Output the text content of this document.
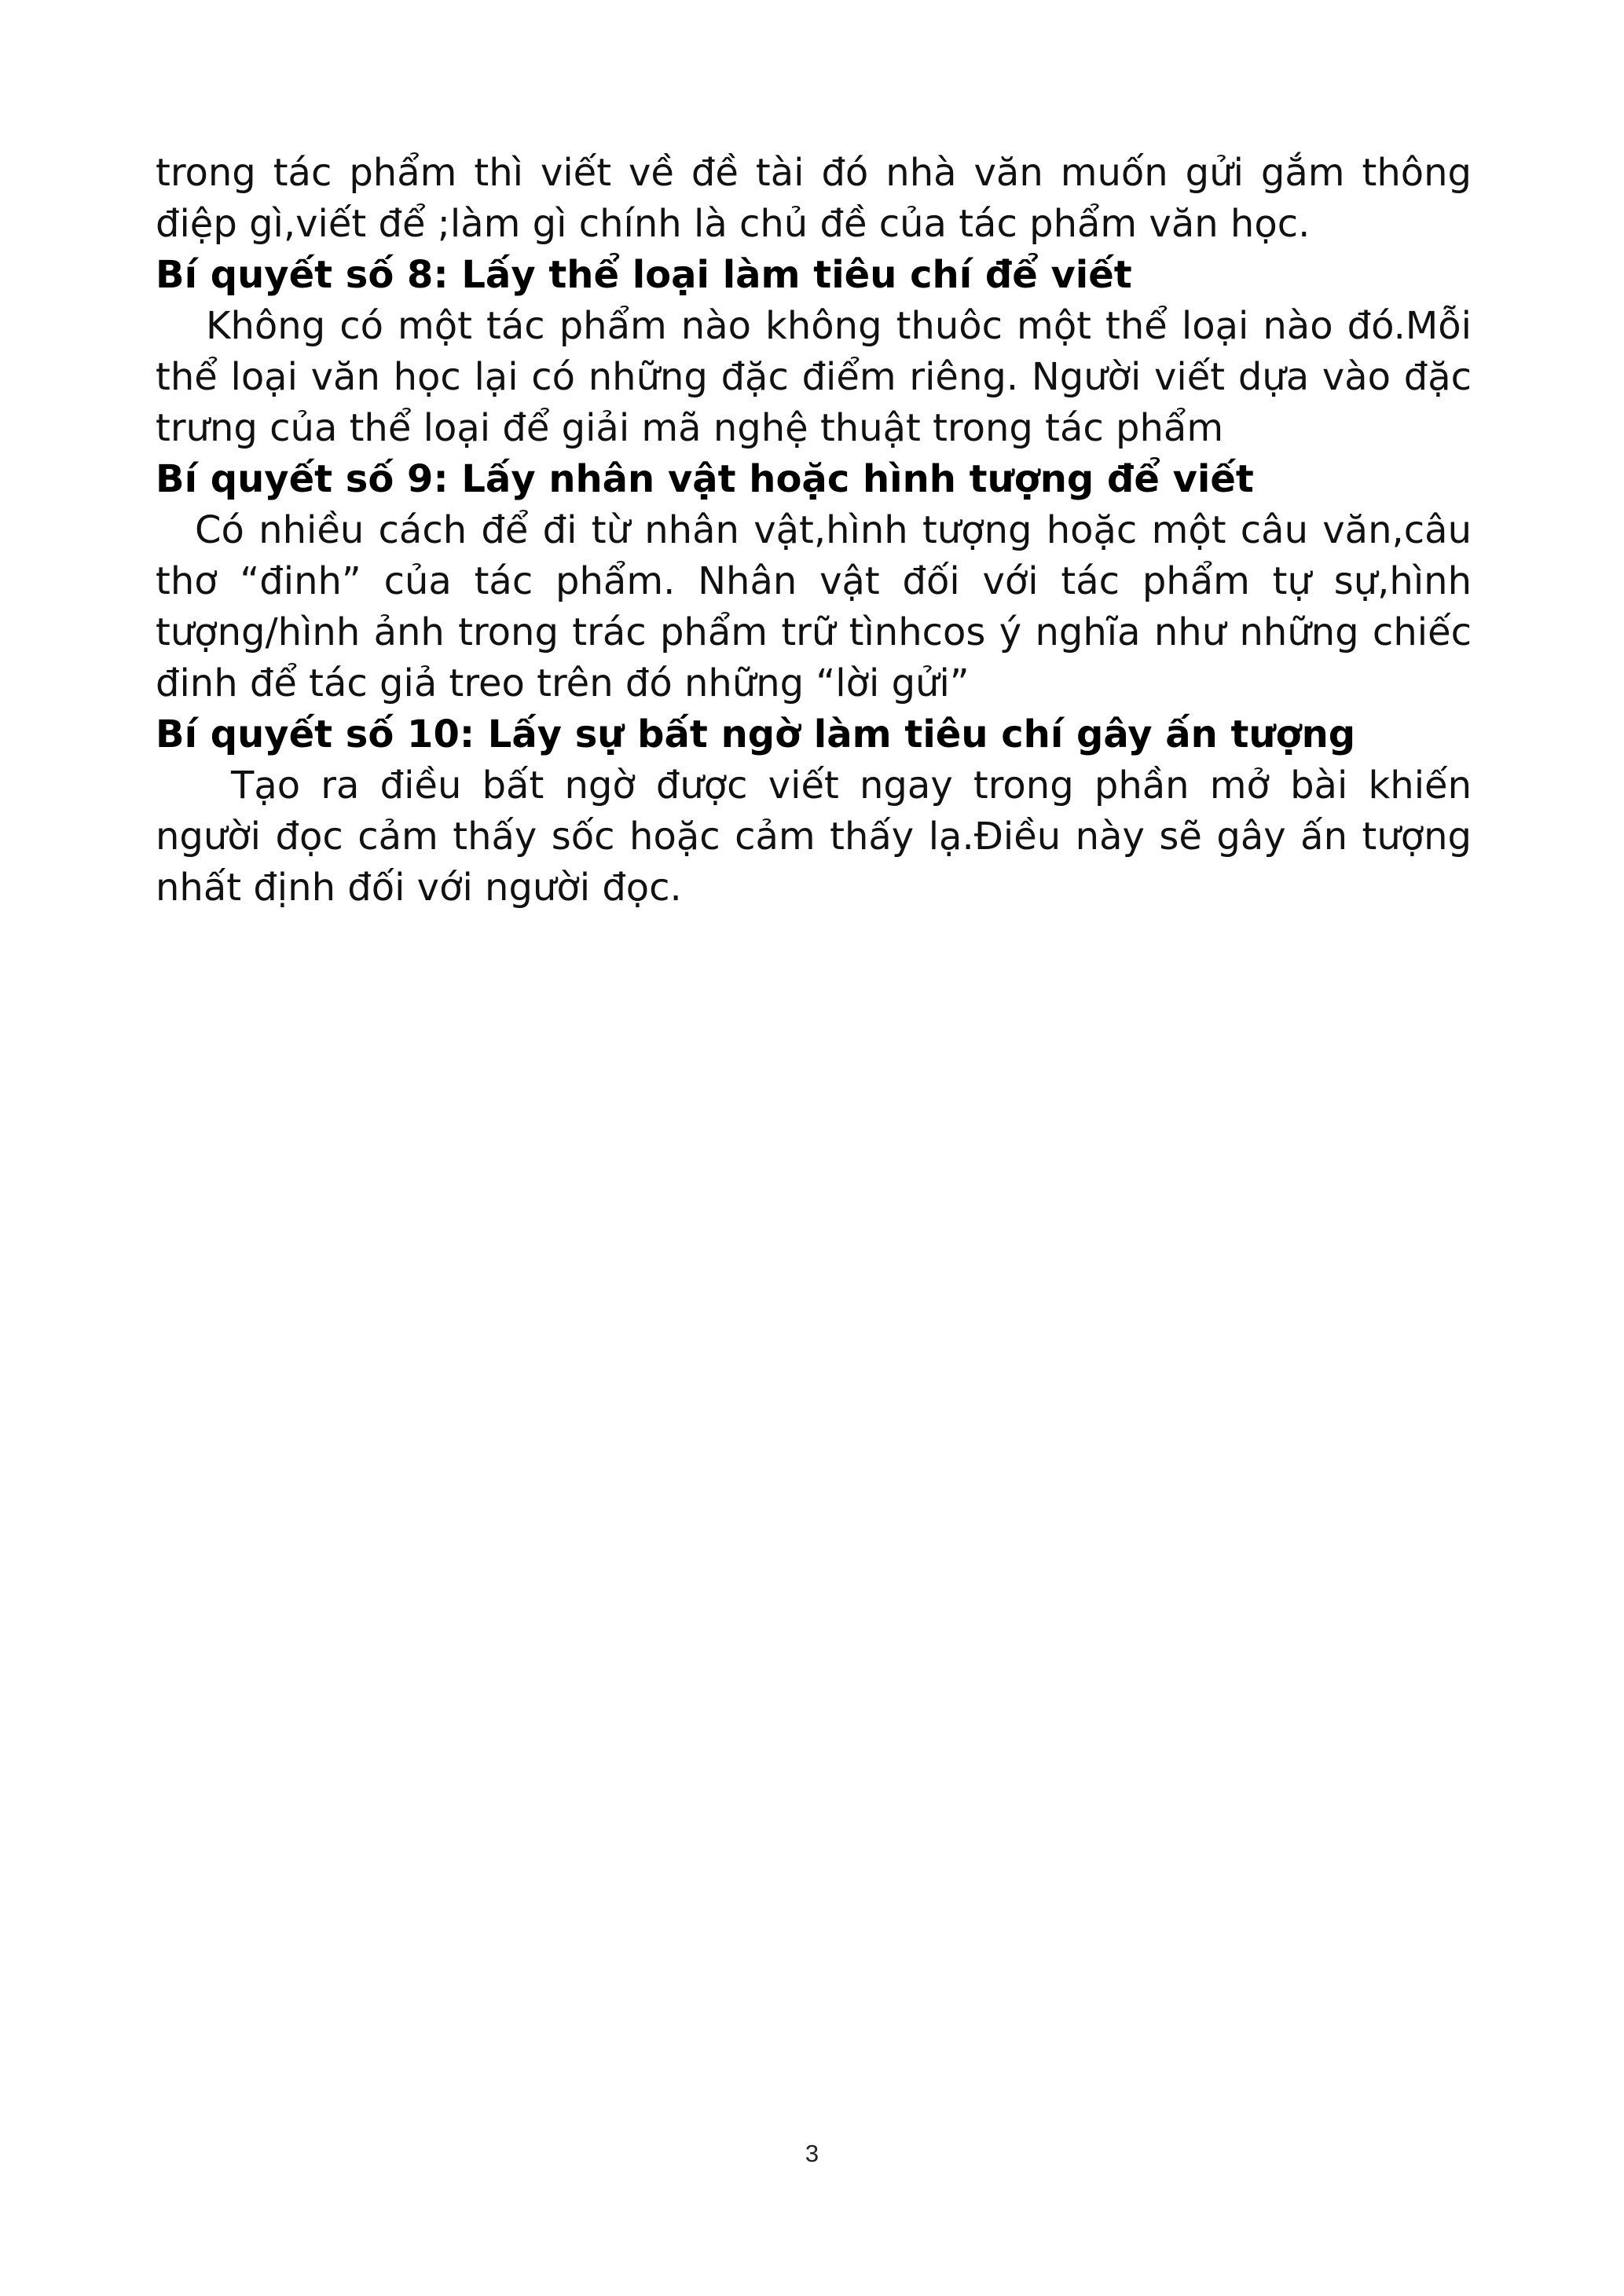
trong tác phẩm thì viết về đề tài đó nhà văn muốn gửi gắm thông điệp gì,viết để ;làm gì chính là chủ đề của tác phẩm văn học.

Bí quyết số 8: Lấy thể loại làm tiêu chí để viết

Không có một tác phẩm nào không thuôc một thể loại nào đó.Mỗi thể loại văn học lại có những đặc điểm riêng. Người viết dựa vào đặc trưng của thể loại để giải mã nghệ thuật trong tác phẩm

Bí quyết số 9: Lấy nhân vật hoặc hình tượng để viết

Có nhiều cách để đi từ nhân vật,hình tượng hoặc một câu văn,câu thơ “đinh” của tác phẩm. Nhân vật đối với tác phẩm tự sự,hình tượng/hình ảnh trong trác phẩm trữ tìnhcos ý nghĩa như những chiếc đinh để tác giả treo trên đó những “lời gửi”

Bí quyết số 10: Lấy sự bất ngờ làm tiêu chí gây ấn tượng

Tạo ra điều bất ngờ được viết ngay trong phần mở bài khiến người đọc cảm thấy sốc hoặc cảm thấy lạ.Điều này sẽ gây ấn tượng nhất định đối với người đọc.

3
